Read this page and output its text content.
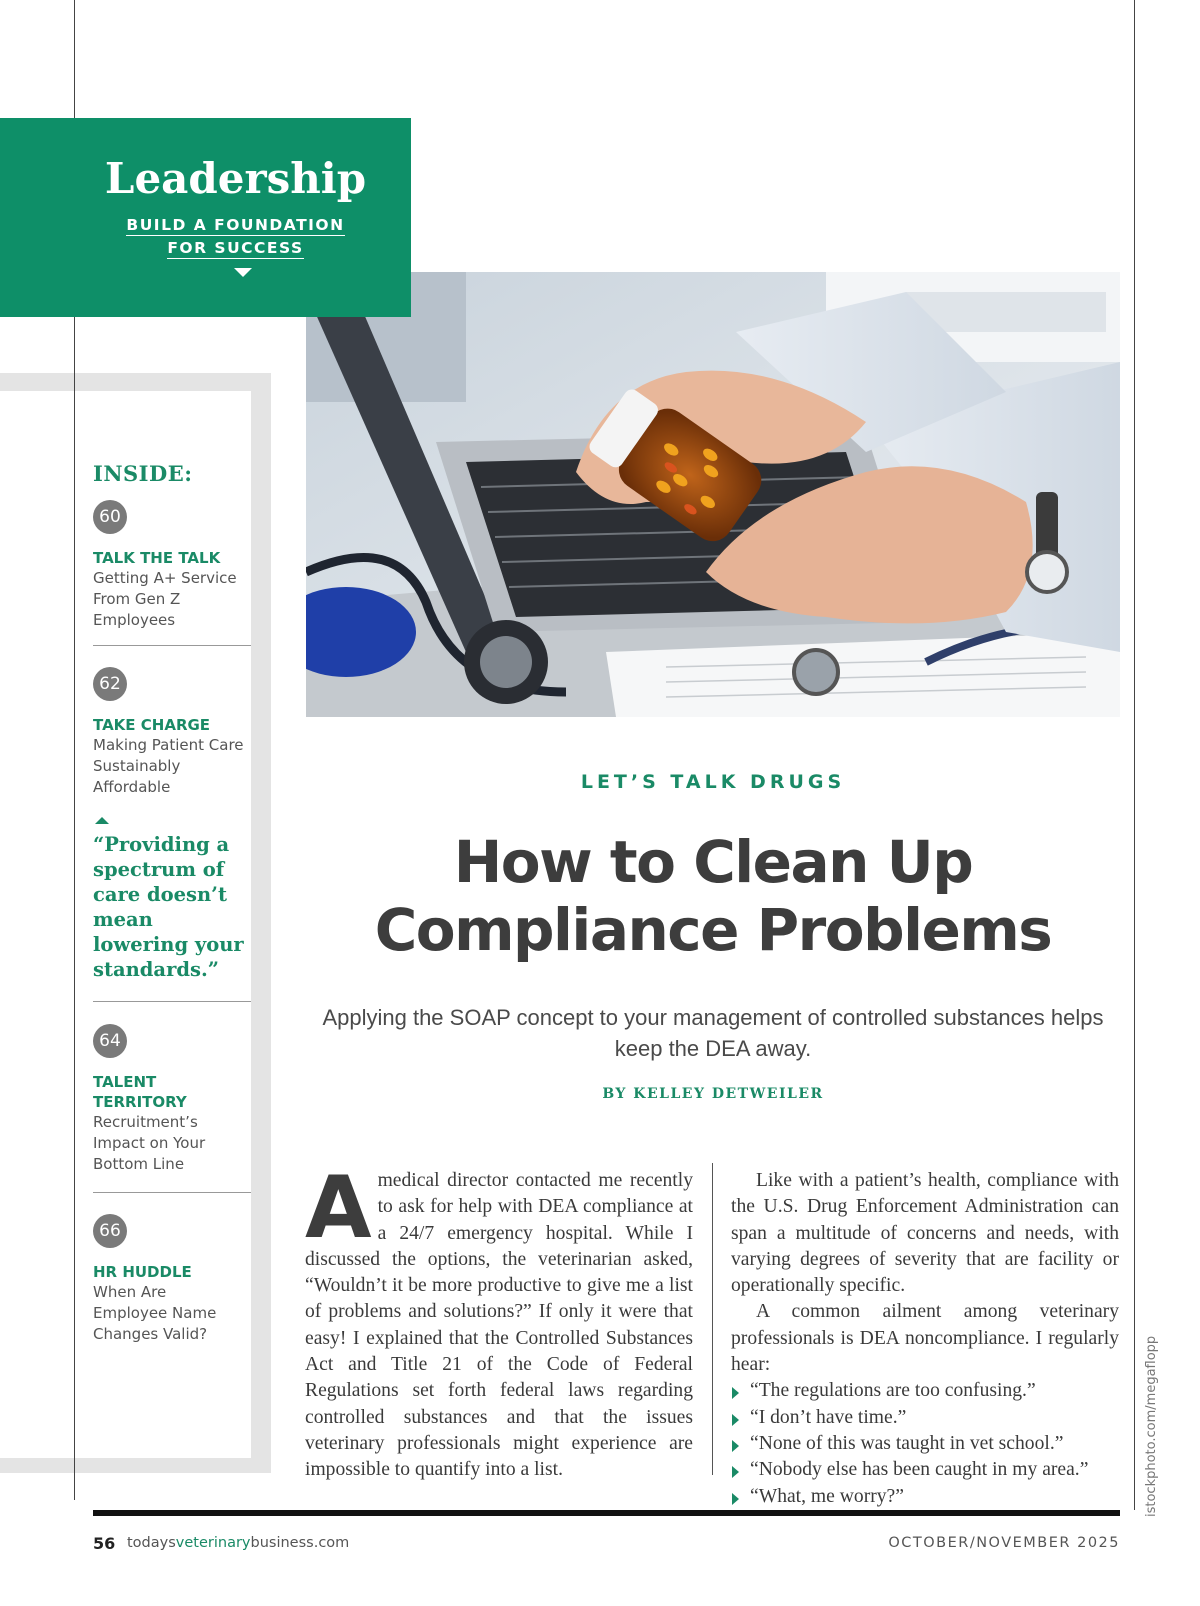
Leadership
BUILD A FOUNDATION
FOR SUCCESS
INSIDE:
60
TALK THE TALK
Getting A+ Service From Gen Z Employees
62
TAKE CHARGE
Making Patient Care Sustainably Affordable
“Providing a spectrum of care doesn’t mean lowering your standards.”
64
TALENT TERRITORY
Recruitment’s Impact on Your Bottom Line
66
HR HUDDLE
When Are Employee Name Changes Valid?
LET’S TALK DRUGS
How to Clean Up Compliance Problems
Applying the SOAP concept to your management of controlled substances helps keep the DEA away.
BY KELLEY DETWEILER
A medical director contacted me recently to ask for help with DEA compliance at a 24/7 emergency hospital. While I discussed the options, the veterinarian asked, “Wouldn’t it be more productive to give me a list of problems and solutions?” If only it were that easy! I explained that the Controlled Substances Act and Title 21 of the Code of Federal Regulations set forth federal laws regarding controlled substances and that the issues veterinary professionals might experience are impossible to quantify into a list.

Like with a patient’s health, compliance with the U.S. Drug Enforcement Administration can span a multitude of concerns and needs, with varying degrees of severity that are facility or operationally specific.

A common ailment among veterinary professionals is DEA noncompliance. I regularly hear:

“The regulations are too confusing.”
“I don’t have time.”
“None of this was taught in vet school.”
“Nobody else has been caught in my area.”
“What, me worry?”	istockphoto.com/megaflopp
56 todaysveterinarybusiness.com	OCTOBER/NOVEMBER 2025
